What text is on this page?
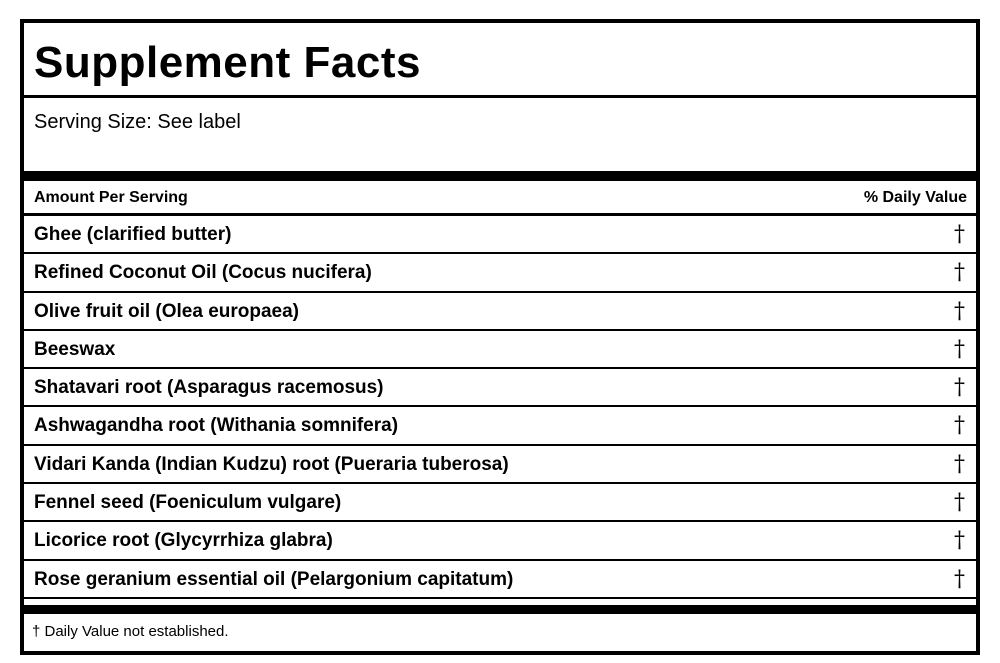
Supplement Facts
Serving Size: See label
Amount Per Serving	% Daily Value
Ghee (clarified butter)	†
Refined Coconut Oil (Cocus nucifera)	†
Olive fruit oil (Olea europaea)	†
Beeswax	†
Shatavari root (Asparagus racemosus)	†
Ashwagandha root (Withania somnifera)	†
Vidari Kanda (Indian Kudzu) root (Pueraria tuberosa)	†
Fennel seed (Foeniculum vulgare)	†
Licorice root (Glycyrrhiza glabra)	†
Rose geranium essential oil (Pelargonium capitatum)	†
† Daily Value not established.
